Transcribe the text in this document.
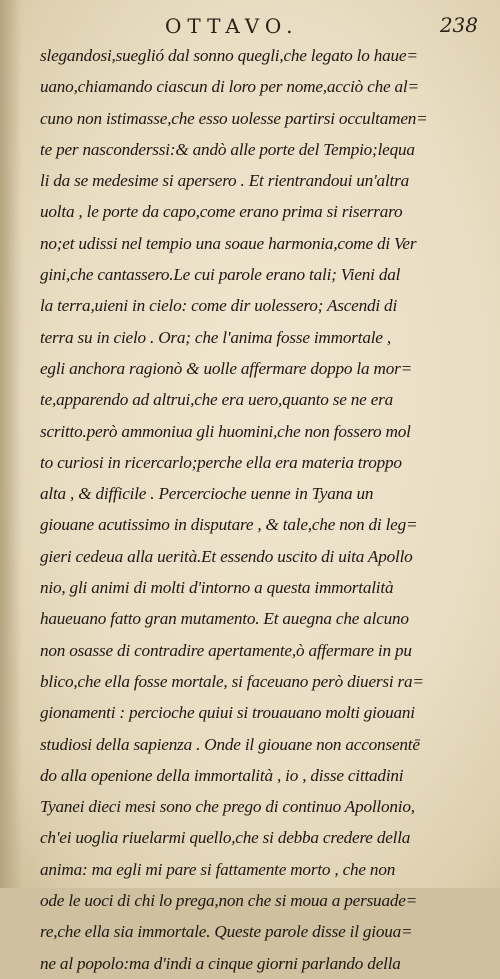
OTTAVO.	238
slegandosi,sueglió dal sonno quegli,che legato lo haue=
uano,chiamando ciascun di loro per nome,acciò che al=
cuno non istimasse,che esso uolesse partirsi occultamen=
te per nasconderssi:& andò alle porte del Tempio;lequa
li da se medesime si apersero . Et rientrandoui un'altra
uolta , le porte da capo,come erano prima si riserraro
no;et udissi nel tempio una soaue harmonia,come di Ver
gini,che cantassero.Le cui parole erano tali; Vieni dal
la terra,uieni in cielo: come dir uolessero; Ascendi di
terra su in cielo . Ora; che l'anima fosse immortale ,
egli anchora ragionò & uolle affermare doppo la mor=
te,apparendo ad altrui,che era uero,quanto se ne era
scritto.però ammoniua gli huomini,che non fossero mol
to curiosi in ricercarlo;perche ella era materia troppo
alta , & difficile . Percercioche uenne in Tyana un
giouane acutissimo in disputare , & tale,che non di leg=
gieri cedeua alla uerità.Et essendo uscito di uita Apollo
nio, gli animi di molti d'intorno a questa immortalità
haueuano fatto gran mutamento. Et auegna che alcuno
non osasse di contradire apertamente,ò affermare in pu
blico,che ella fosse mortale, si faceuano però diuersi ra=
gionamenti : percioche quiui si trouauano molti giouani
studiosi della sapienza . Onde il giouane non acconsentē
do alla openione della immortalità , io , disse cittadini
Tyanei dieci mesi sono che prego di continuo Apollonio,
ch'ei uoglia riuelarmi quello,che si debba credere della
anima: ma egli mi pare si fattamente morto , che non
ode le uoci di chi lo prega,non che si moua a persuade=
re,che ella sia immortale. Queste parole disse il gioua=
ne al popolo:ma d'indi a cinque giorni parlando della
